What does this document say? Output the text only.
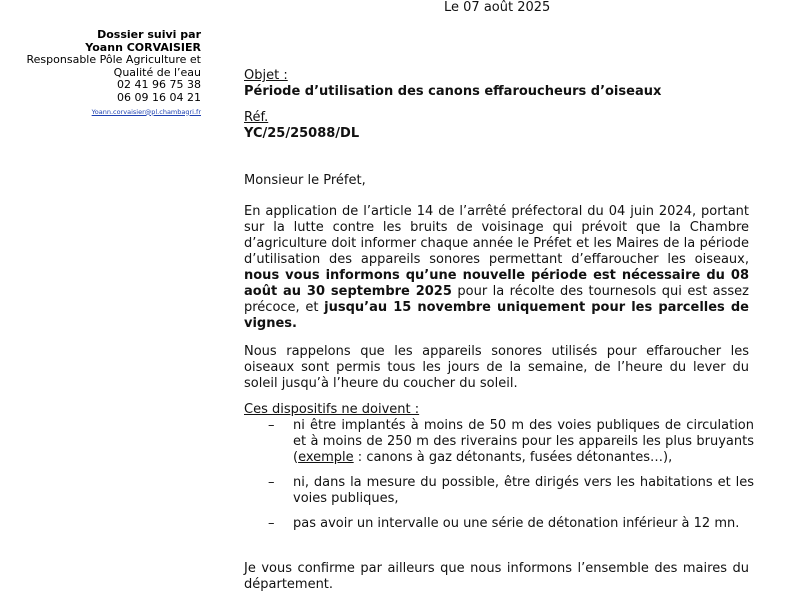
Le 07 août 2025
Dossier suivi par
Yoann CORVAISIER
Responsable Pôle Agriculture et
Qualité de l’eau
02 41 96 75 38
06 09 16 04 21
Yoann.corvaisier@pl.chambagri.fr
Objet :
Période d’utilisation des canons effaroucheurs d’oiseaux
Réf.
YC/25/25088/DL
Monsieur le Préfet,
En application de l’article 14 de l’arrêté préfectoral du 04 juin 2024, portant sur la lutte contre les bruits de voisinage qui prévoit que la Chambre d’agriculture doit informer chaque année le Préfet et les Maires de la période d’utilisation des appareils sonores permettant d’effaroucher les oiseaux, nous vous informons qu’une nouvelle période est nécessaire du 08 août au 30 septembre 2025 pour la récolte des tournesols qui est assez précoce, et jusqu’au 15 novembre uniquement pour les parcelles de vignes.
Nous rappelons que les appareils sonores utilisés pour effaroucher les oiseaux sont permis tous les jours de la semaine, de l’heure du lever du soleil jusqu’à l’heure du coucher du soleil.
Ces dispositifs ne doivent :
– ni être implantés à moins de 50 m des voies publiques de circulation et à moins de 250 m des riverains pour les appareils les plus bruyants (exemple : canons à gaz détonants, fusées détonantes…),
– ni, dans la mesure du possible, être dirigés vers les habitations et les voies publiques,
– pas avoir un intervalle ou une série de détonation inférieur à 12 mn.
Je vous confirme par ailleurs que nous informons l’ensemble des maires du département.
